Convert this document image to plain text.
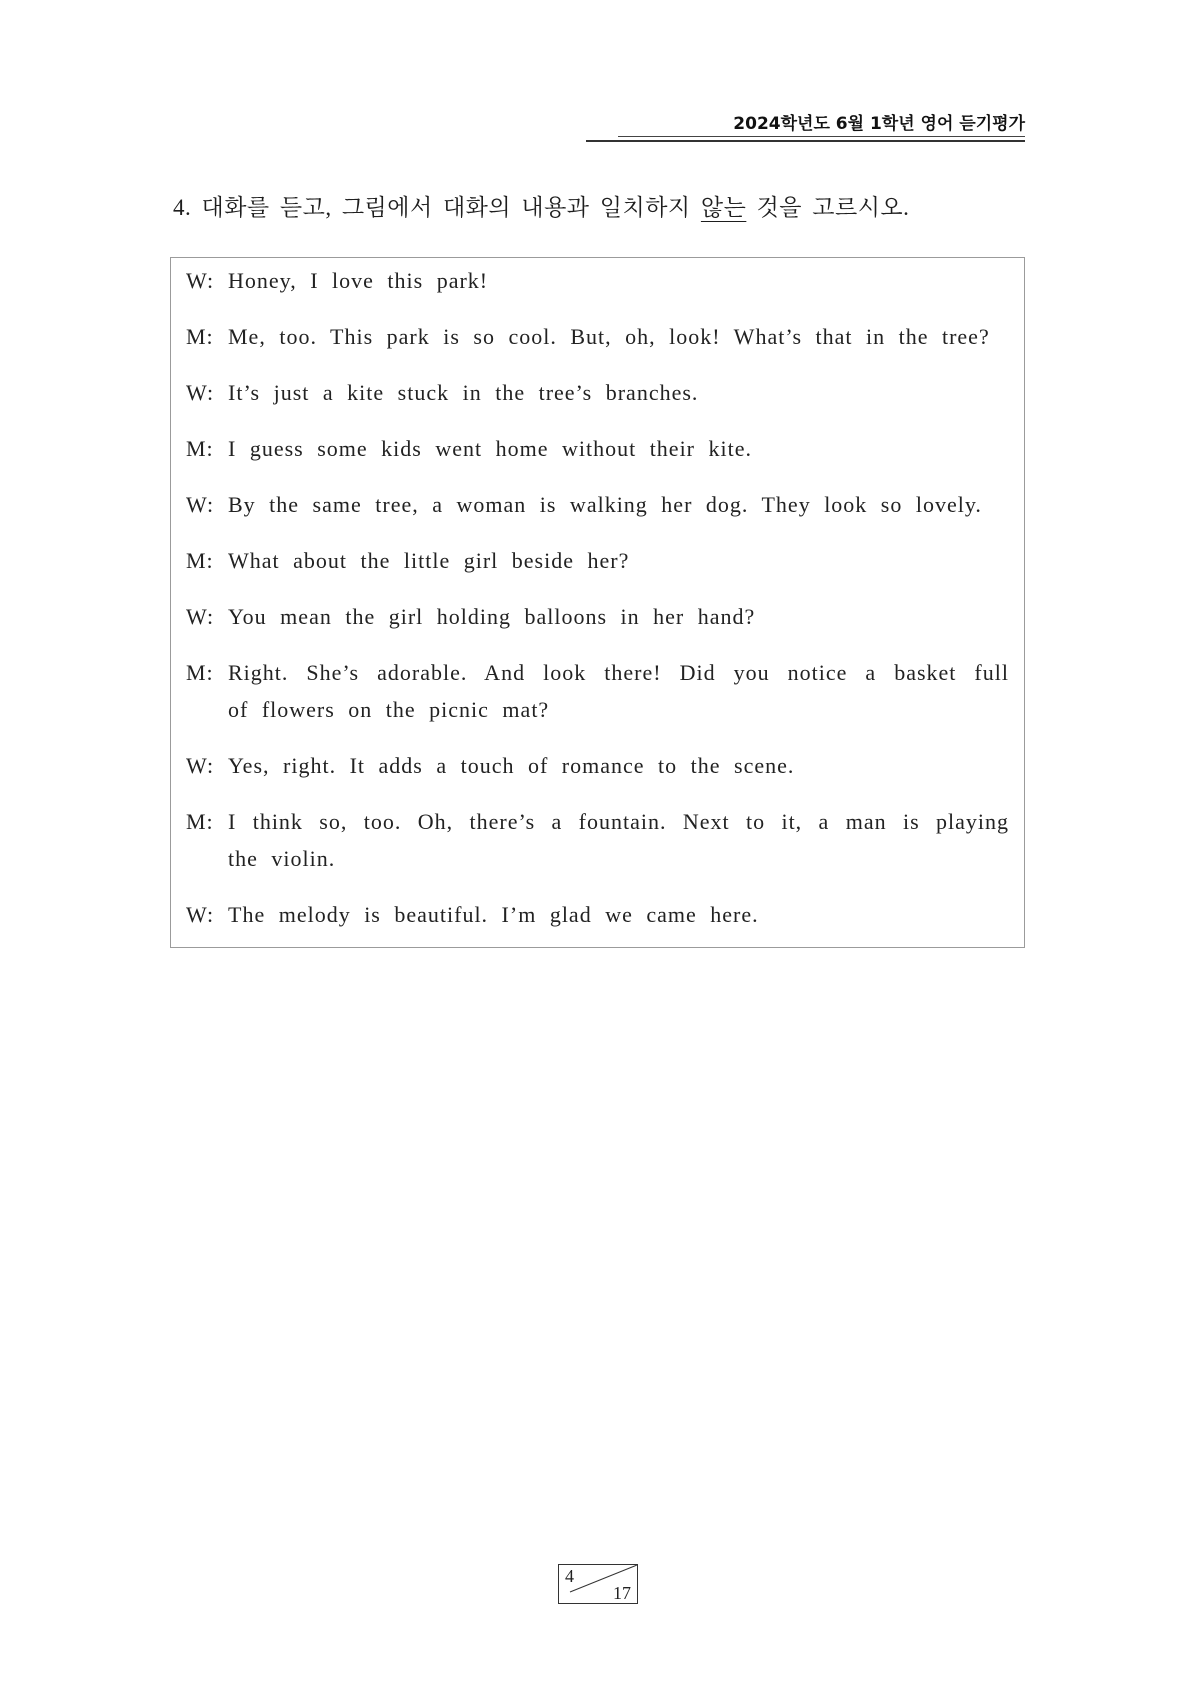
2024학년도 6월 1학년 영어 듣기평가
4. 대화를 듣고, 그림에서 대화의 내용과 일치하지 않는 것을 고르시오.
W: Honey, I love this park!
M: Me, too. This park is so cool. But, oh, look! What’s that in the tree?
W: It’s just a kite stuck in the tree’s branches.
M: I guess some kids went home without their kite.
W: By the same tree, a woman is walking her dog. They look so lovely.
M: What about the little girl beside her?
W: You mean the girl holding balloons in her hand?
M: Right. She’s adorable. And look there! Did you notice a basket full
of flowers on the picnic mat?
W: Yes, right. It adds a touch of romance to the scene.
M: I think so, too. Oh, there’s a fountain. Next to it, a man is playing
the violin.
W: The melody is beautiful. I’m glad we came here.
4
17
